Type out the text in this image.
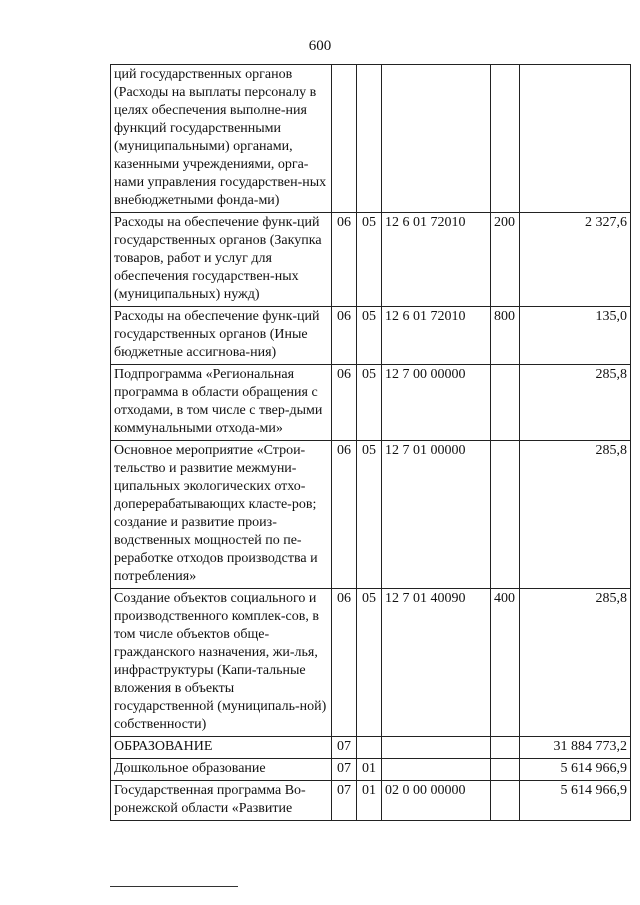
600
ций государственных органов (Расходы на выплаты персоналу в целях обеспечения выполне-ния функций государственными (муниципальными) органами, казенными учреждениями, орга-нами управления государствен-ных внебюджетными фонда-ми)					
Расходы на обеспечение функ-ций государственных органов (Закупка товаров, работ и услуг для обеспечения государствен-ных (муниципальных) нужд)	06	05	12 6 01 72010	200	2 327,6
Расходы на обеспечение функ-ций государственных органов (Иные бюджетные ассигнова-ния)	06	05	12 6 01 72010	800	135,0
Подпрограмма «Региональная программа в области обращения с отходами, в том числе с твер-дыми коммунальными отхода-ми»	06	05	12 7 00 00000		285,8
Основное мероприятие «Строи-тельство и развитие межмуни-ципальных экологических отхо-доперерабатывающих класте-ров; создание и развитие произ-водственных мощностей по пе-реработке отходов производства и потребления»	06	05	12 7 01 00000		285,8
Создание объектов социального и производственного комплек-сов, в том числе объектов обще-гражданского назначения, жи-лья, инфраструктуры (Капи-тальные вложения в объекты государственной (муниципаль-ной) собственности)	06	05	12 7 01 40090	400	285,8
ОБРАЗОВАНИЕ	07				31 884 773,2
Дошкольное образование	07	01			5 614 966,9
Государственная программа Во-ронежской области «Развитие	07	01	02 0 00 00000		5 614 966,9
